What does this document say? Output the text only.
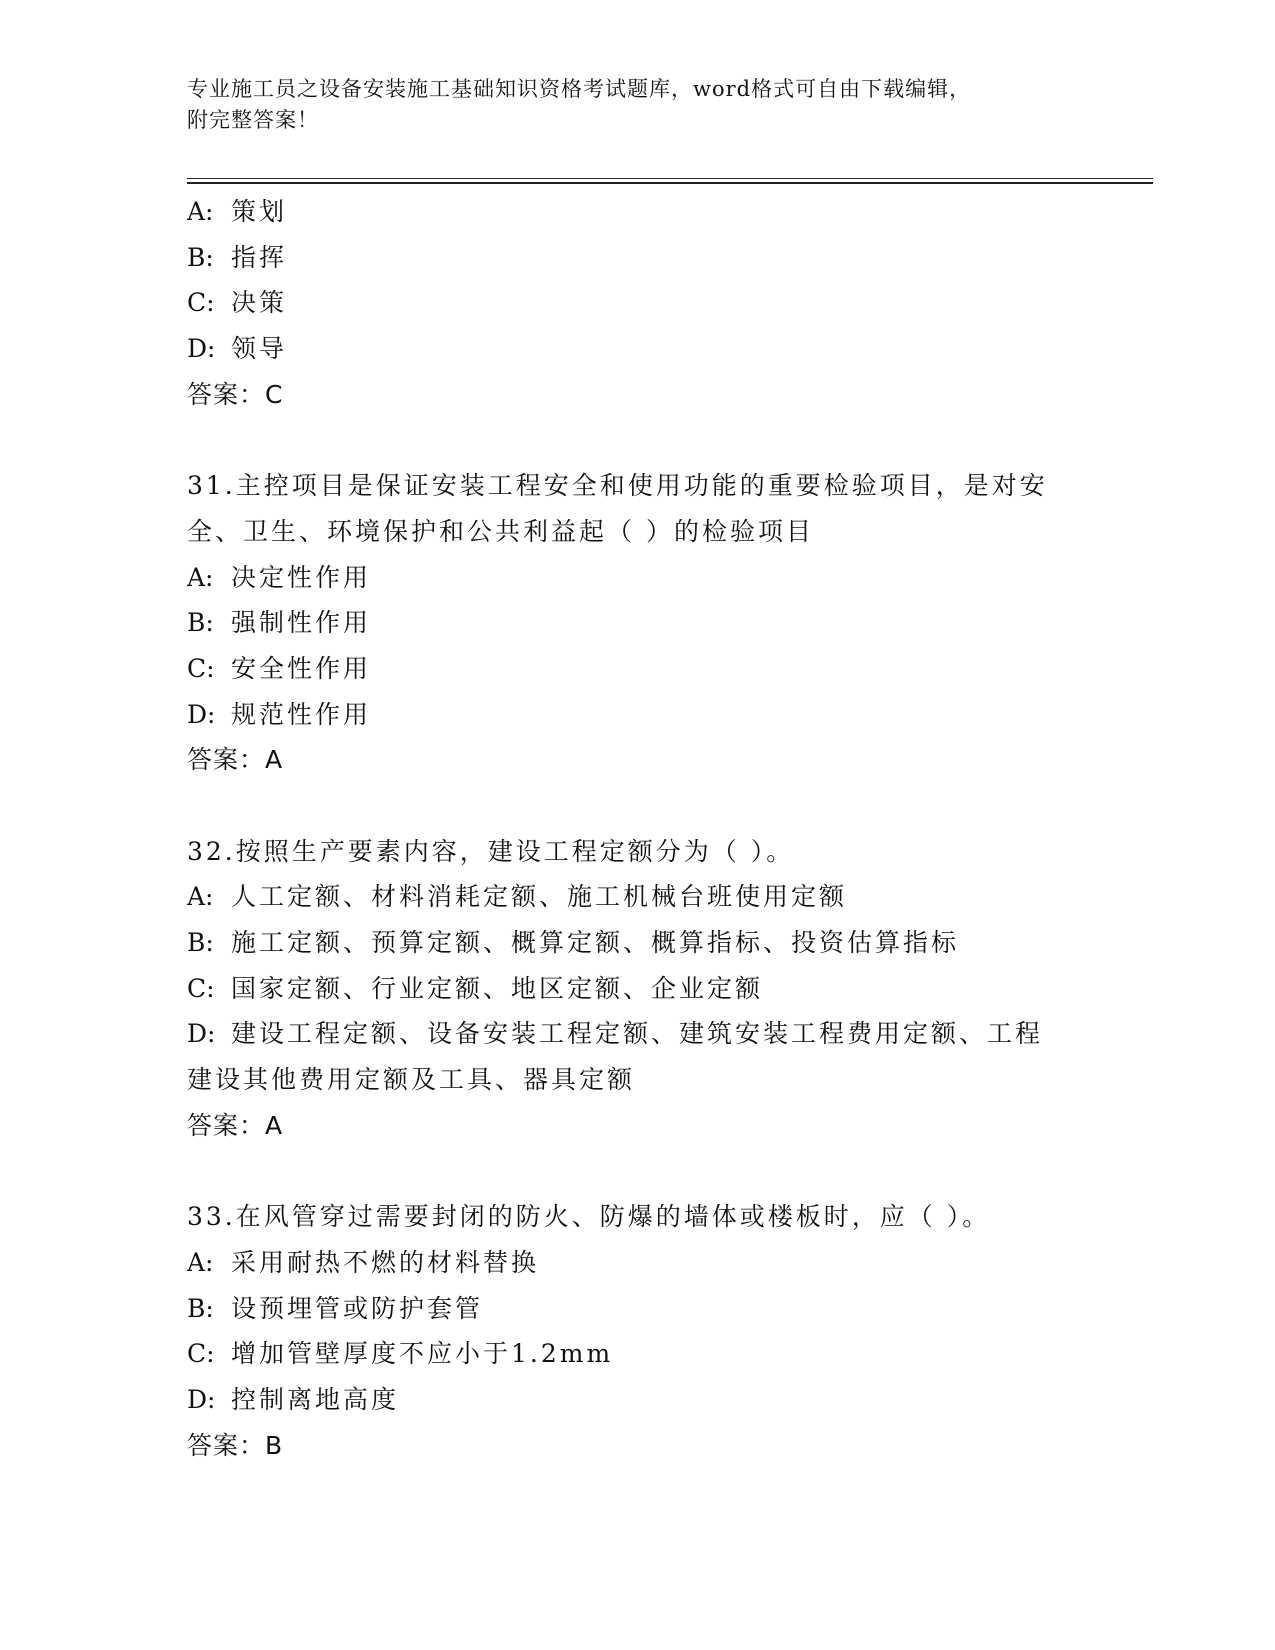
专业施工员之设备安装施工基础知识资格考试题库，word格式可自由下载编辑，
附完整答案！
A: 策划
B: 指挥
C: 决策
D: 领导
答案：C
31.主控项目是保证安装工程安全和使用功能的重要检验项目，是对安
全、卫生、环境保护和公共利益起（ ）的检验项目
A: 决定性作用
B: 强制性作用
C: 安全性作用
D: 规范性作用
答案：A
32.按照生产要素内容，建设工程定额分为（ ）。
A: 人工定额、材料消耗定额、施工机械台班使用定额
B: 施工定额、预算定额、概算定额、概算指标、投资估算指标
C: 国家定额、行业定额、地区定额、企业定额
D: 建设工程定额、设备安装工程定额、建筑安装工程费用定额、工程
建设其他费用定额及工具、器具定额
答案：A
33.在风管穿过需要封闭的防火、防爆的墙体或楼板时，应（ ）。
A: 采用耐热不燃的材料替换
B: 设预埋管或防护套管
C: 增加管壁厚度不应小于1.2mm
D: 控制离地高度
答案：B
